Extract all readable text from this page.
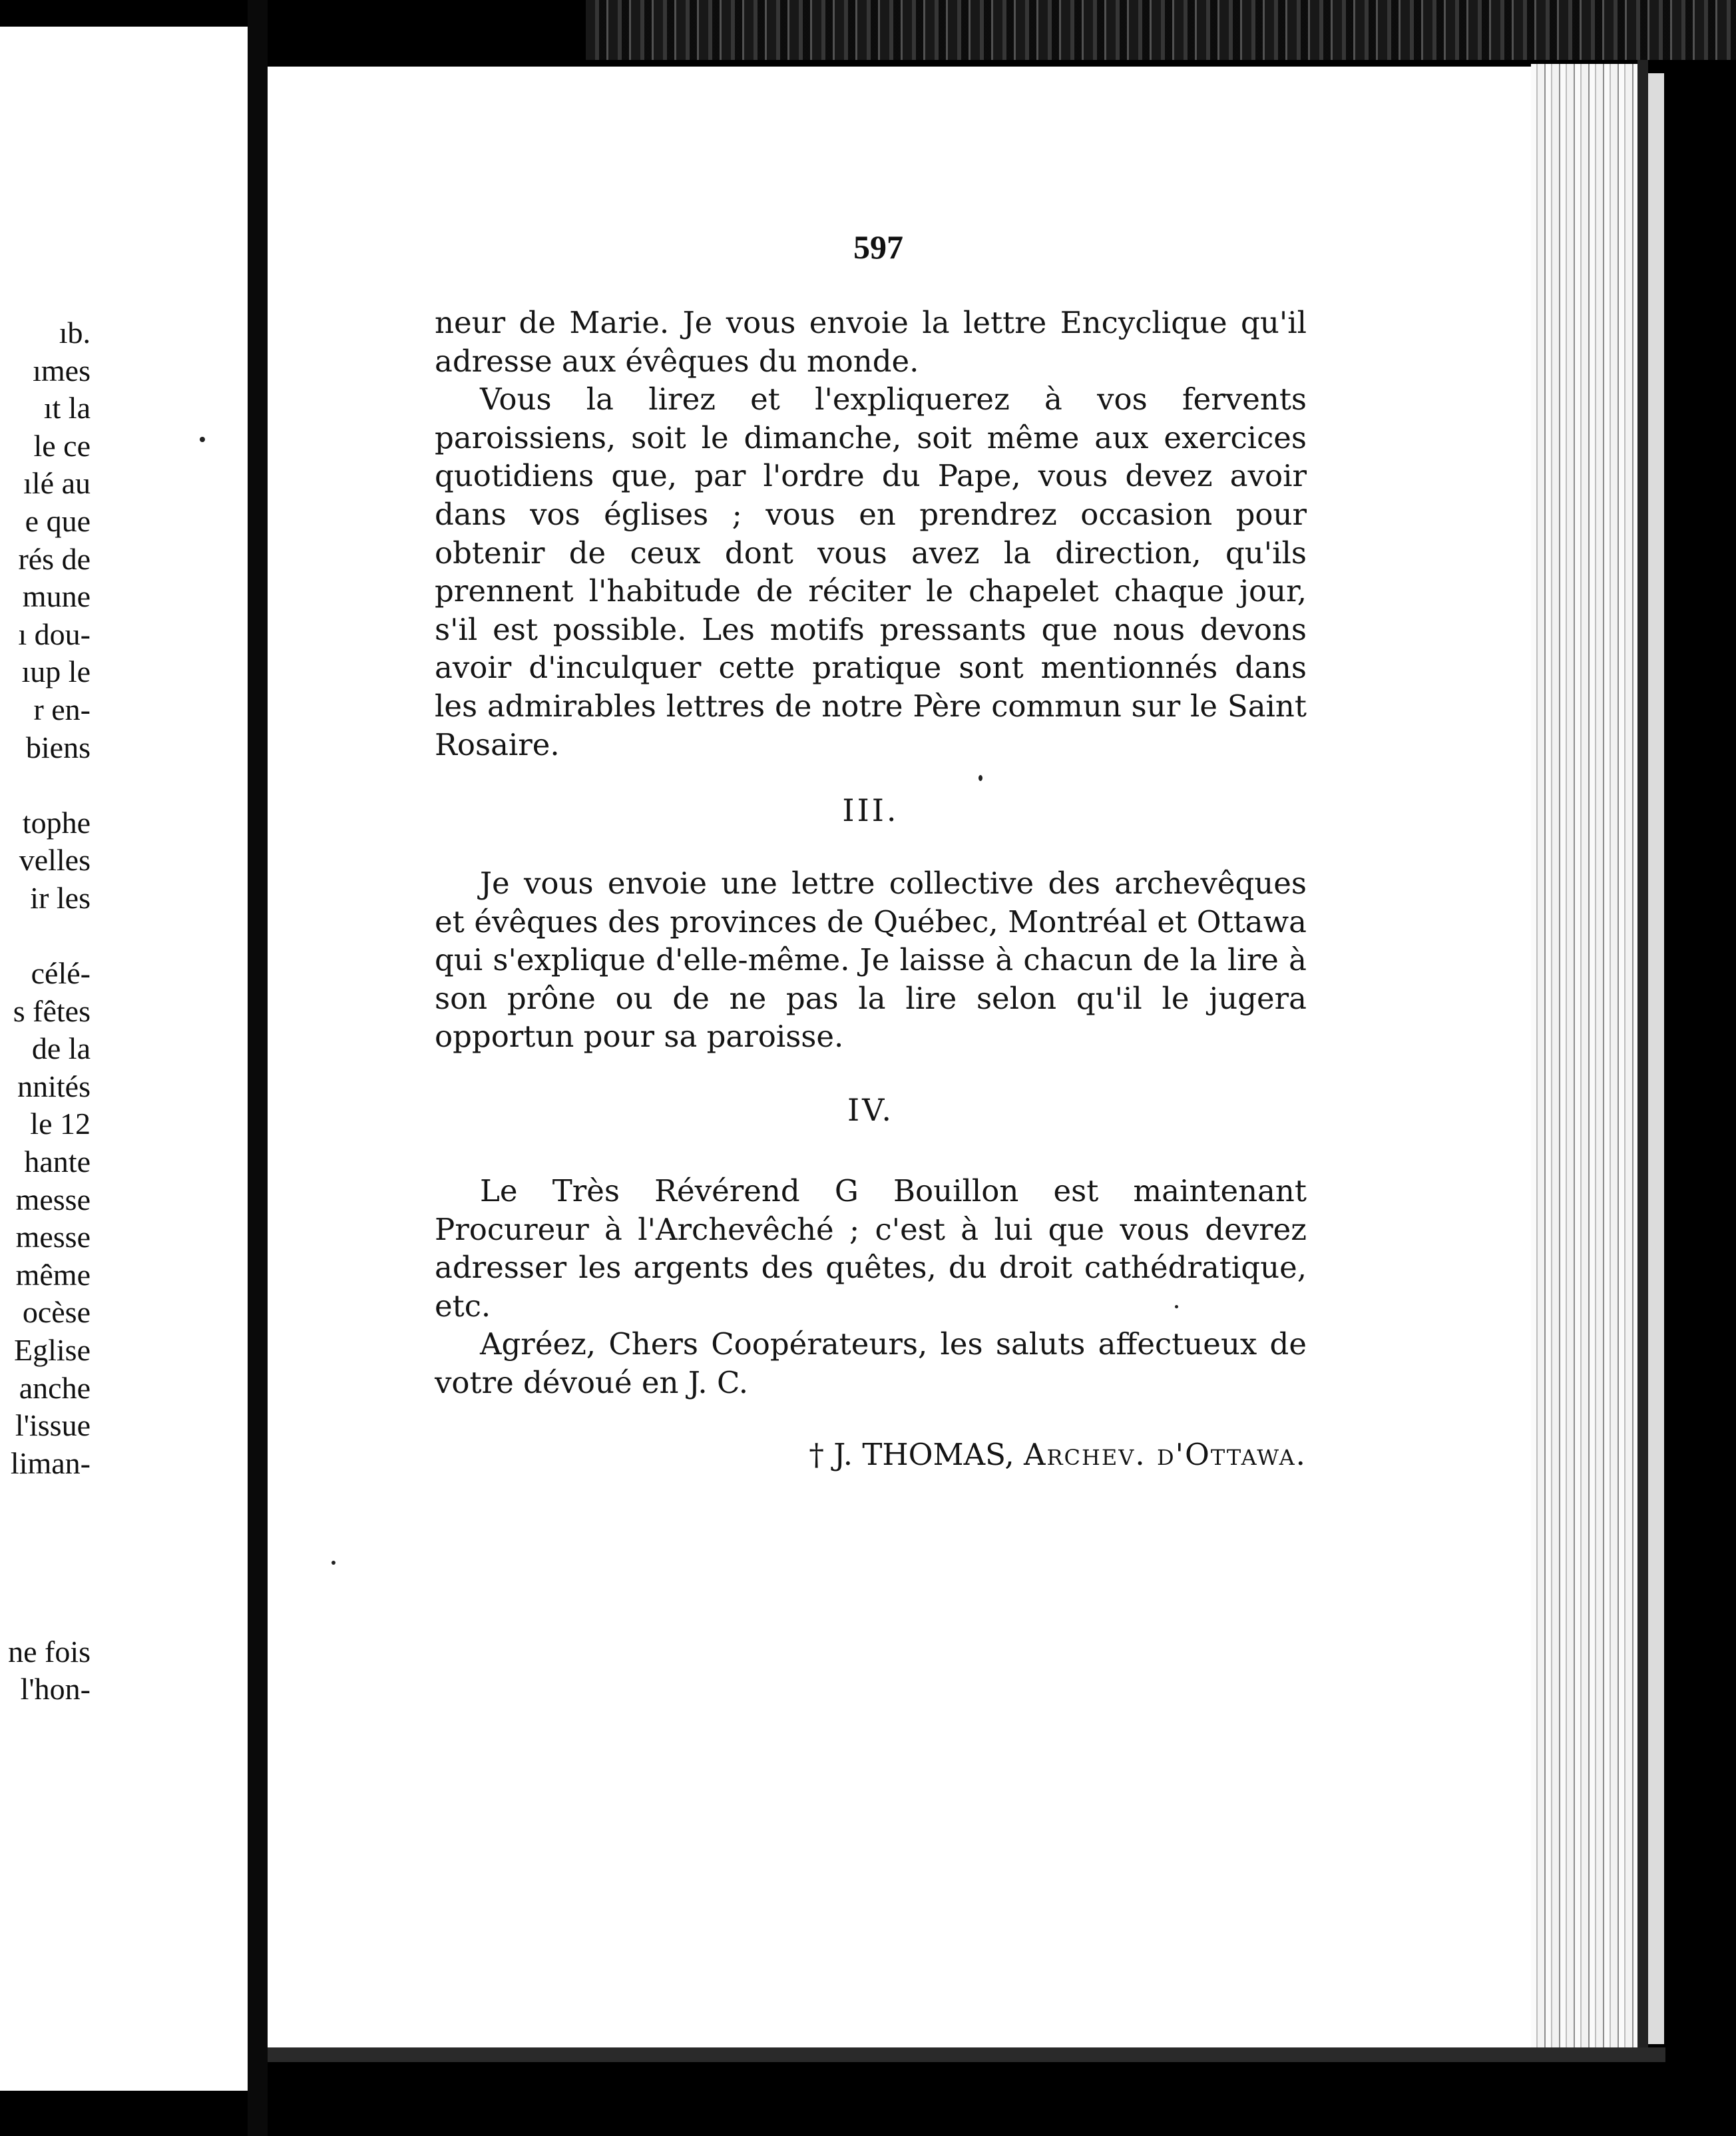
ıb.
ımes
ıt la
le ce
ılé au
e que
rés de
mune
ı dou-
ıup le
r en-
biens
tophe
velles
ir les
célé-
s fêtes
de la
nnités
le 12
hante
messe
messe
même
ocèse
Eglise
anche
l'issue
liman-
ne fois
l'hon-
597

neur de Marie. Je vous envoie la lettre Encyclique qu'il adresse aux évêques du monde.

Vous la lirez et l'expliquerez à vos fervents paroissiens, soit le dimanche, soit même aux exercices quotidiens que, par l'ordre du Pape, vous devez avoir dans vos églises ; vous en prendrez occasion pour obtenir de ceux dont vous avez la direction, qu'ils prennent l'habitude de réciter le chapelet chaque jour, s'il est possible. Les motifs pressants que nous devons avoir d'inculquer cette pratique sont mentionnés dans les admirables lettres de notre Père commun sur le Saint Rosaire.

III.

Je vous envoie une lettre collective des archevêques et évêques des provinces de Québec, Montréal et Ottawa qui s'explique d'elle-même. Je laisse à chacun de la lire à son prône ou de ne pas la lire selon qu'il le jugera opportun pour sa paroisse.

IV.

Le Très Révérend G Bouillon est maintenant Procureur à l'Archevêché ; c'est à lui que vous devrez adresser les argents des quêtes, du droit cathédratique, etc.

Agréez, Chers Coopérateurs, les saluts affectueux de votre dévoué en J. C.

† J. THOMAS, Archev. d'Ottawa.
